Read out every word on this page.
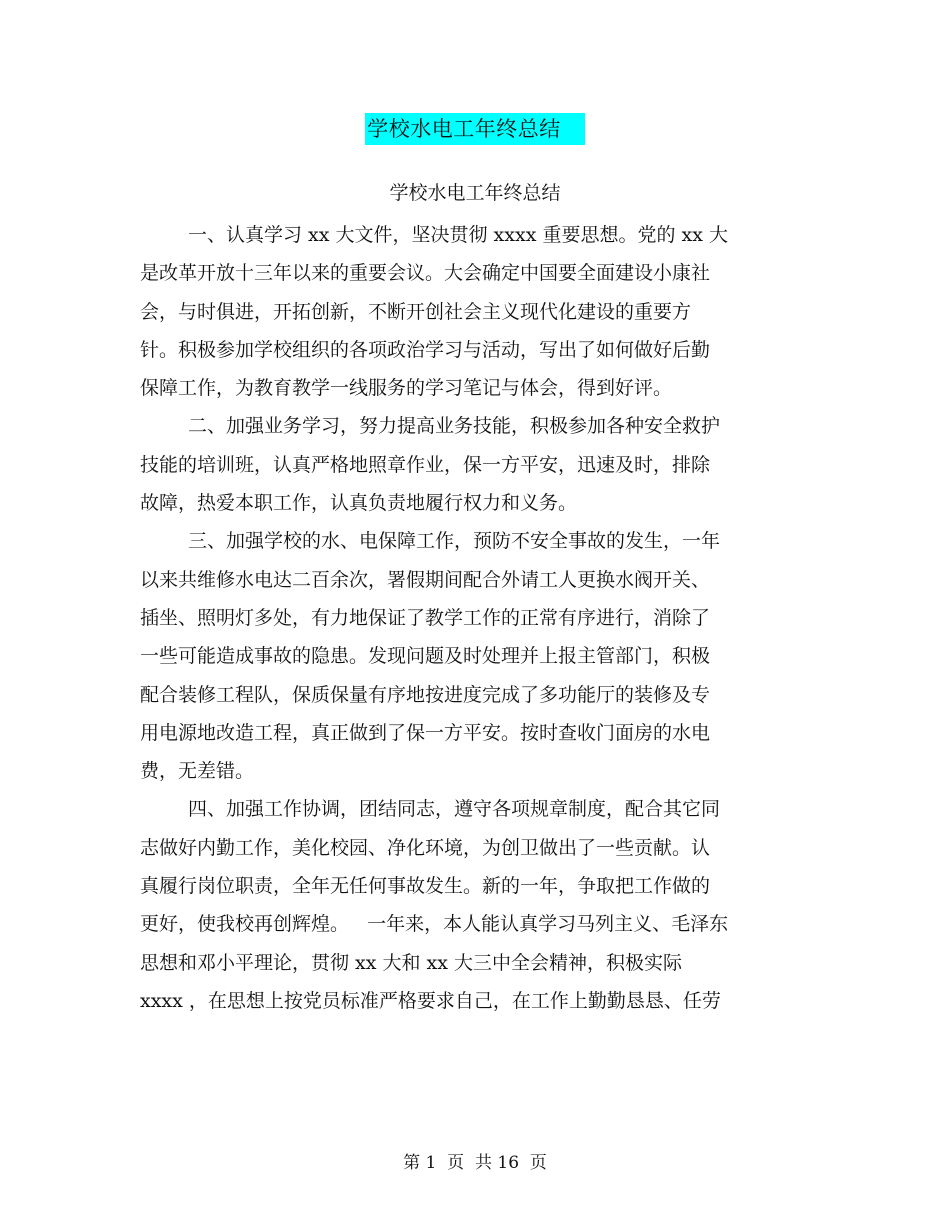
学校水电工年终总结
学校水电工年终总结
一、认真学习 xx 大文件，坚决贯彻 xxxx 重要思想。党的 xx 大
是改革开放十三年以来的重要会议。大会确定中国要全面建设小康社
会，与时俱进，开拓创新，不断开创社会主义现代化建设的重要方
针。积极参加学校组织的各项政治学习与活动，写出了如何做好后勤
保障工作，为教育教学一线服务的学习笔记与体会，得到好评。
二、加强业务学习，努力提高业务技能，积极参加各种安全救护
技能的培训班，认真严格地照章作业，保一方平安，迅速及时，排除
故障，热爱本职工作，认真负责地履行权力和义务。
三、加强学校的水、电保障工作，预防不安全事故的发生，一年
以来共维修水电达二百余次，署假期间配合外请工人更换水阀开关、
插坐、照明灯多处，有力地保证了教学工作的正常有序进行，消除了
一些可能造成事故的隐患。发现问题及时处理并上报主管部门，积极
配合装修工程队，保质保量有序地按进度完成了多功能厅的装修及专
用电源地改造工程，真正做到了保一方平安。按时查收门面房的水电
费，无差错。
四、加强工作协调，团结同志，遵守各项规章制度，配合其它同
志做好内勤工作，美化校园、净化环境，为创卫做出了一些贡献。认
真履行岗位职责，全年无任何事故发生。新的一年，争取把工作做的
更好，使我校再创辉煌。   一年来，本人能认真学习马列主义、毛泽东
思想和邓小平理论，贯彻 xx 大和 xx 大三中全会精神，积极实际
xxxx ，在思想上按党员标准严格要求自己，在工作上勤勤恳恳、任劳
第 1  页  共 16  页
